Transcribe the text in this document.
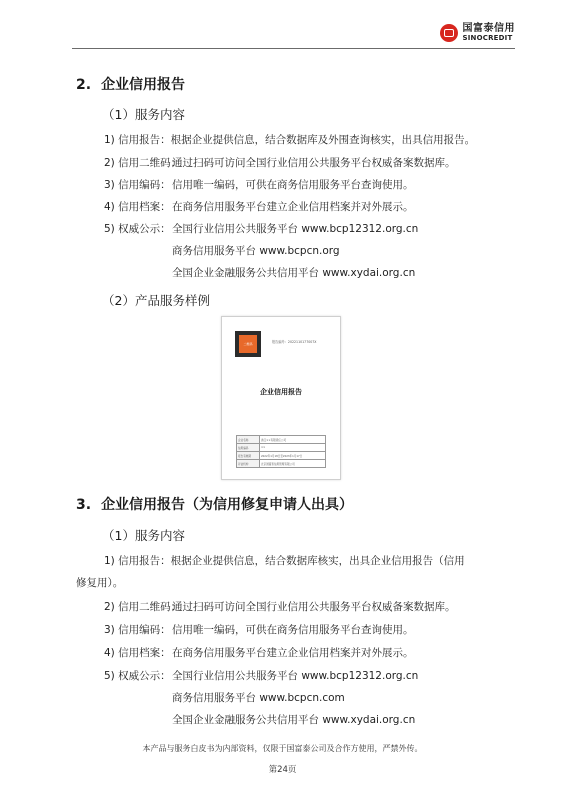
国富泰信用
SINOCREDIT
2. 企业信用报告
（1）服务内容
1) 信用报告：根据企业提供信息，结合数据库及外围查询核实，出具信用报告。
2) 信用二维码：通过扫码可访问全国行业信用公共服务平台权威备案数据库。
3) 信用编码：信用唯一编码，可供在商务信用服务平台查询使用。
4) 信用档案：在商务信用服务平台建立企业信用档案并对外展示。
5) 权威公示：全国行业信用公共服务平台 www.bcp12312.org.cn
商务信用服务平台 www.bcpcn.org
全国企业金融服务公共信用平台 www.xydai.org.cn
（2）产品服务样例
二维码	报告编号：2022110177007X
企业信用报告
企业名称	浙江××有限责任公司
信用编码	××
报告有效期	2022年1月18日至2023年1月17日
评估机构	北京国富泰信用管理有限公司
3. 企业信用报告（为信用修复申请人出具）
（1）服务内容
1) 信用报告：根据企业提供信息，结合数据库核实，出具企业信用报告（信用
修复用）。
2) 信用二维码：通过扫码可访问全国行业信用公共服务平台权威备案数据库。
3) 信用编码：信用唯一编码，可供在商务信用服务平台查询使用。
4) 信用档案：在商务信用服务平台建立企业信用档案并对外展示。
5) 权威公示：全国行业信用公共服务平台 www.bcp12312.org.cn
商务信用服务平台 www.bcpcn.com
全国企业金融服务公共信用平台 www.xydai.org.cn
本产品与服务白皮书为内部资料，仅限于国富泰公司及合作方使用，严禁外传。
第24页
